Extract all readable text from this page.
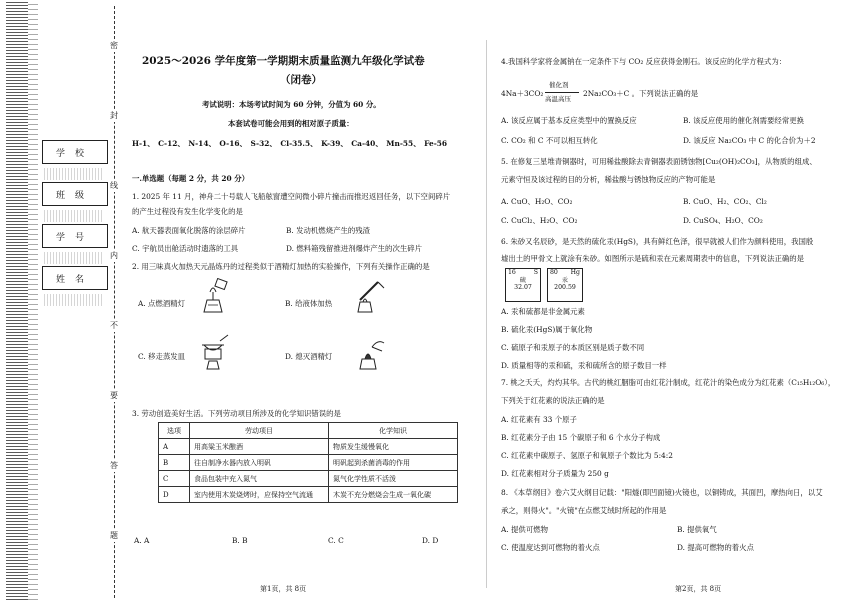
密
封
线
内
不
要
答
题
学校
班级
学号
姓名
2025～2026 学年度第一学期期末质量监测九年级化学试卷
（闭卷）
考试说明：本场考试时间为 60 分钟，分值为 60 分。
本套试卷可能会用到的相对原子质量：
H-1、 C-12、 N-14、 O-16、 S-32、 Cl-35.5、 K-39、 Ca-40、 Mn-55、 Fe-56
一.单选题（每题 2 分，共 20 分）
1. 2025 年 11 月，神舟二十号载人飞船舷窗遭空间微小碎片撞击而推迟返回任务，以下空间碎片
的产生过程没有发生化学变化的是
A. 航天器表面氧化脱落的涂层碎片	B. 发动机燃烧产生的残渣
C. 宇航员出舱活动时遗落的工具	D. 燃料箱残留推进剂爆炸产生的次生碎片
2. 用三味真火加热天元晶炼丹的过程类似于酒精灯加热的实验操作，下列有关操作正确的是
A. 点燃酒精灯	B. 给液体加热
C. 移走蒸发皿	D. 熄灭酒精灯
3. 劳动创造美好生活。下列劳动项目所涉及的化学知识错误的是
选项	劳动项目	化学知识
A	用高粱玉米酿酒	物质发生缓慢氧化
B	往自制净水器内放入明矾	明矾起到杀菌消毒的作用
C	食品包装中充入氮气	氮气化学性质不活泼
D	室内使用木炭烧烤时，应保持空气流通	木炭不充分燃烧会生成一氧化碳
A. A	B. B	C. C	D. D
第1页，共 8页
4.我国科学家将金属钠在一定条件下与 CO₂ 反应获得金刚石。该反应的化学方程式为：
4Na＋3CO₂
催化剂
高温高压
2Na₂CO₃＋C 。下列说法正确的是
A. 该反应属于基本反应类型中的置换反应	B. 该反应使用的催化剂需要经常更换
C. CO₂ 和 C 不可以相互转化	D. 该反应 Na₂CO₃ 中 C 的化合价为＋2
5. 在修复三星堆青铜器时，可用稀盐酸除去青铜器表面锈蚀物[Cu₂(OH)₂CO₃]，从物质的组成、
元素守恒及该过程的目的分析，稀盐酸与锈蚀物反应的产物可能是
A. CuO、H₂O、CO₂	B. CuO、H₂、CO₂、Cl₂
C. CuCl₂、H₂O、CO₂	D. CuSO₄、H₂O、CO₂
6. 朱砂又名辰砂，是天然的硫化汞(HgS)，具有鲜红色泽，很早就被人们作为颜料使用，我国殷
墟出土的甲骨文上就涂有朱砂。如图所示是硫和汞在元素周期表中的信息，下列说法正确的是
16	S
硫
32.07
80 Hg
汞
200.59
A. 汞和硫都是非金属元素
B. 硫化汞(HgS)属于氧化物
C. 硫原子和汞原子的本质区别是质子数不同
D. 质量相等的汞和硫，汞和硫所含的原子数目一样
7. 桃之夭夭，灼灼其华。古代的桃红胭脂可由红花汁制成，红花汁的染色成分为红花素（C₁₅H₁₂O₆），
下列关于红花素的说法正确的是
A. 红花素有 33 个原子
B. 红花素分子由 15 个碳原子和 6 个水分子构成
C. 红花素中碳原子、氢原子和氧原子个数比为 5:4:2
D. 红花素相对分子质量为 250 g
8. 《本草纲目》卷六艾火纲目记载："阳燧(即凹面镜)火镜也，以铜铸成，其面凹，摩热向日，以艾
承之，则得火"。"火镜"在点燃艾绒时所起的作用是
A. 提供可燃物	B. 提供氧气
C. 使温度达到可燃物的着火点	D. 提高可燃物的着火点
第2页，共 8页
